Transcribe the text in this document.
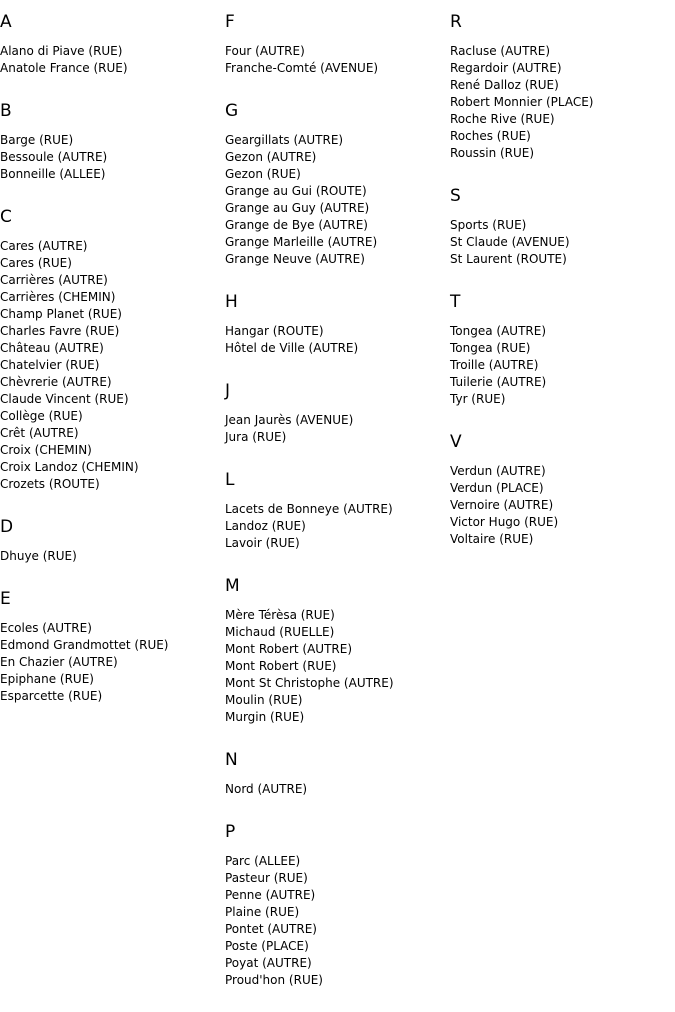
A
Alano di Piave (RUE)
Anatole France (RUE)
B
Barge (RUE)
Bessoule (AUTRE)
Bonneille (ALLEE)
C
Cares (AUTRE)
Cares (RUE)
Carrières (AUTRE)
Carrières (CHEMIN)
Champ Planet (RUE)
Charles Favre (RUE)
Château (AUTRE)
Chatelvier (RUE)
Chèvrerie (AUTRE)
Claude Vincent (RUE)
Collège (RUE)
Crêt (AUTRE)
Croix (CHEMIN)
Croix Landoz (CHEMIN)
Crozets (ROUTE)
D
Dhuye (RUE)
E
Ecoles (AUTRE)
Edmond Grandmottet (RUE)
En Chazier (AUTRE)
Epiphane (RUE)
Esparcette (RUE)
F
Four (AUTRE)
Franche-Comté (AVENUE)
G
Geargillats (AUTRE)
Gezon (AUTRE)
Gezon (RUE)
Grange au Gui (ROUTE)
Grange au Guy (AUTRE)
Grange de Bye (AUTRE)
Grange Marleille (AUTRE)
Grange Neuve (AUTRE)
H
Hangar (ROUTE)
Hôtel de Ville (AUTRE)
J
Jean Jaurès (AVENUE)
Jura (RUE)
L
Lacets de Bonneye (AUTRE)
Landoz (RUE)
Lavoir (RUE)
M
Mère Térèsa (RUE)
Michaud (RUELLE)
Mont Robert (AUTRE)
Mont Robert (RUE)
Mont St Christophe (AUTRE)
Moulin (RUE)
Murgin (RUE)
N
Nord (AUTRE)
P
Parc (ALLEE)
Pasteur (RUE)
Penne (AUTRE)
Plaine (RUE)
Pontet (AUTRE)
Poste (PLACE)
Poyat (AUTRE)
Proud'hon (RUE)
R
Racluse (AUTRE)
Regardoir (AUTRE)
René Dalloz (RUE)
Robert Monnier (PLACE)
Roche Rive (RUE)
Roches (RUE)
Roussin (RUE)
S
Sports (RUE)
St Claude (AVENUE)
St Laurent (ROUTE)
T
Tongea (AUTRE)
Tongea (RUE)
Troille (AUTRE)
Tuilerie (AUTRE)
Tyr (RUE)
V
Verdun (AUTRE)
Verdun (PLACE)
Vernoire (AUTRE)
Victor Hugo (RUE)
Voltaire (RUE)
